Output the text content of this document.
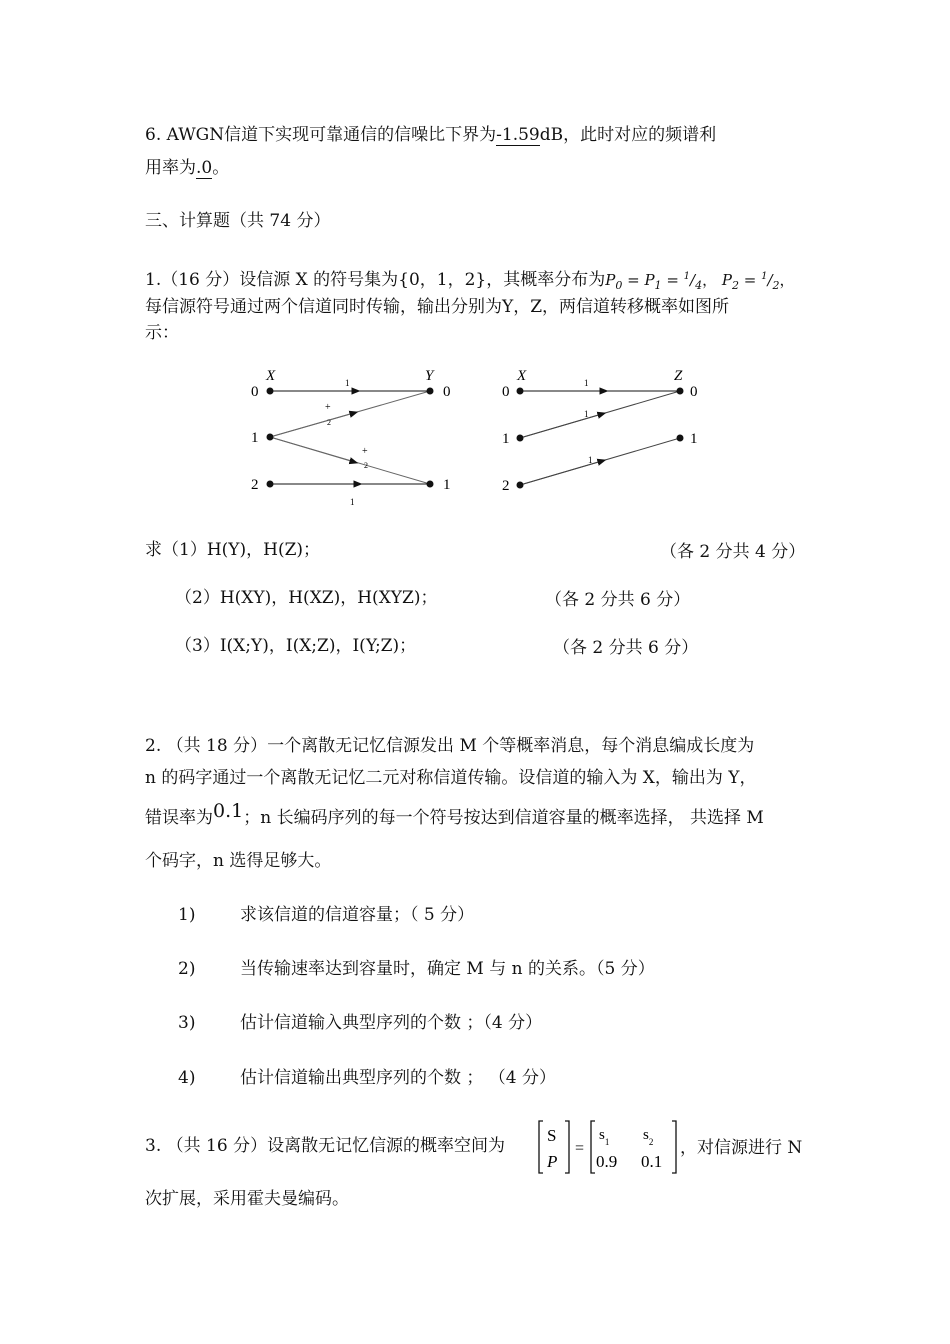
6. AWGN信道下实现可靠通信的信噪比下界为-1.59dB，此时对应的频谱利
用率为.0。
三、计算题（共 74 分）
1.（16 分）设信源 X 的符号集为{0，1，2}，其概率分布为$P_0 = P_1 = ^1/_4$， $P_2 = ^1/_2$，
每信源符号通过两个信道同时传输，输出分别为Y，Z，两信道转移概率如图所
示：
X	Y
0
1
2
0
1
1
+
2
+
2
1
X	Z
0
1
2
0
1
1
1
1
求（1）H(Y)，H(Z)；	（各 2 分共 4 分）
（2）H(XY)，H(XZ)，H(XYZ)；	（各 2 分共 6 分）
（3）I(X;Y)，I(X;Z)，I(Y;Z)；	（各 2 分共 6 分）
2. （共 18 分）一个离散无记忆信源发出 M 个等概率消息，每个消息编成长度为
n 的码字通过一个离散无记忆二元对称信道传输。设信道的输入为 X，输出为 Y，
错误率为0.1；n 长编码序列的每一个符号按达到信道容量的概率选择， 共选择 M
个码字，n 选得足够大。
1)	求该信道的信道容量；（ 5 分）
2)	当传输速率达到容量时，确定 M 与 n 的关系。（5 分）
3)	估计信道输入典型序列的个数 ；（4 分）
4)	估计信道输出典型序列的个数 ； （4 分）
3. （共 16 分）设离散无记忆信源的概率空间为
S
P
=
$s_1$ $s_2$
0.9 0.1
，对信源进行 N
次扩展，采用霍夫曼编码。
